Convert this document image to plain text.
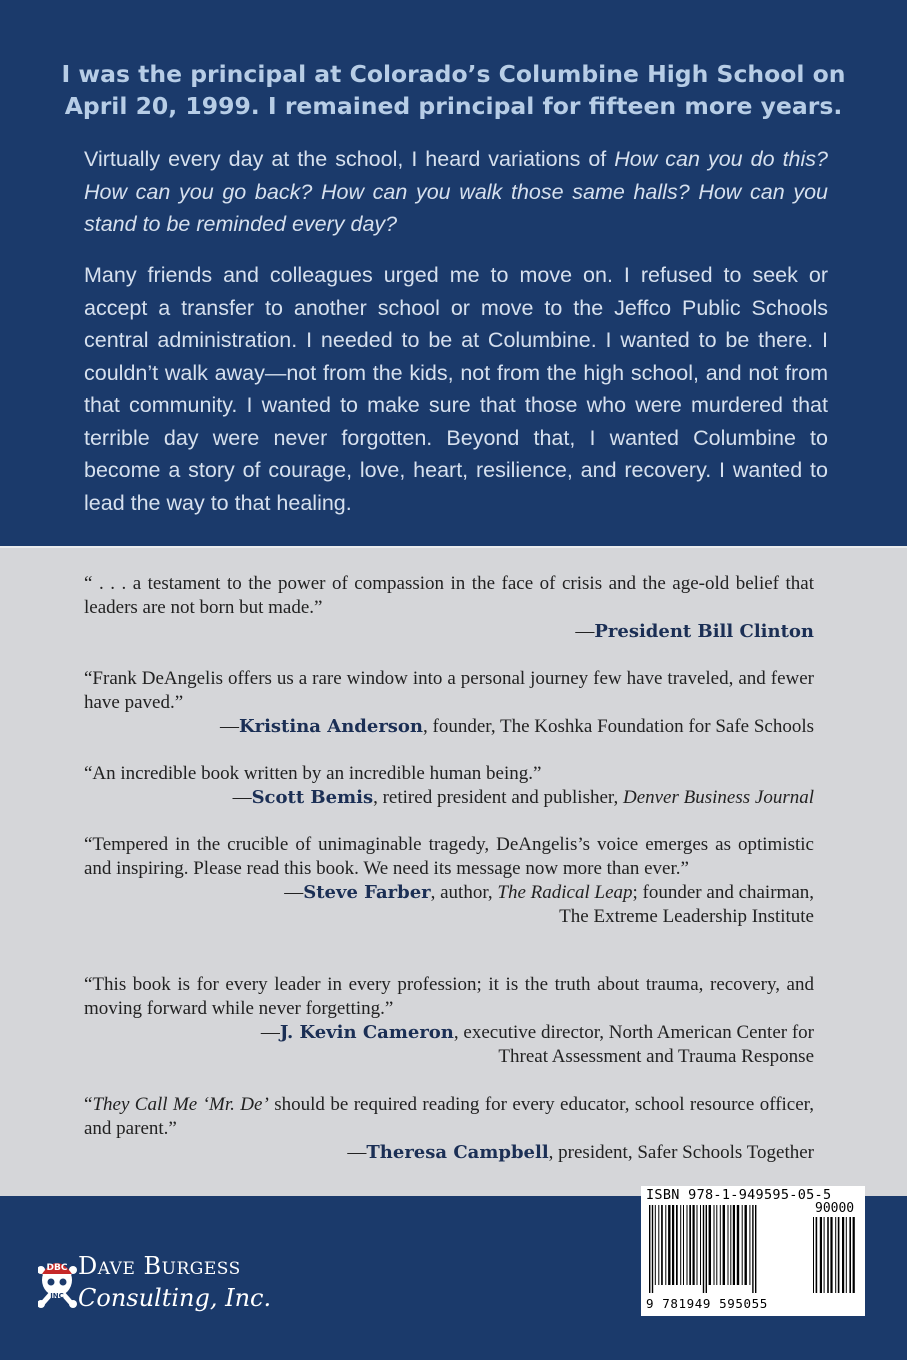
I was the principal at Colorado’s Columbine High School on April 20, 1999. I remained principal for fifteen more years.

Virtually every day at the school, I heard variations of How can you do this? How can you go back? How can you walk those same halls? How can you stand to be reminded every day?

Many friends and colleagues urged me to move on. I refused to seek or accept a transfer to another school or move to the Jeffco Public Schools central administration. I needed to be at Columbine. I wanted to be there. I couldn’t walk away—not from the kids, not from the high school, and not from that community. I wanted to make sure that those who were murdered that terrible day were never forgotten. Beyond that, I wanted Columbine to become a story of courage, love, heart, resilience, and recovery. I wanted to lead the way to that healing.

“ . . . a testament to the power of compassion in the face of crisis and the age-old belief that leaders are not born but made.”

—President Bill Clinton

“Frank DeAngelis offers us a rare window into a personal journey few have traveled, and fewer have paved.”

—Kristina Anderson, founder, The Koshka Foundation for Safe Schools

“An incredible book written by an incredible human being.”

—Scott Bemis, retired president and publisher, Denver Business Journal

“Tempered in the crucible of unimaginable tragedy, DeAngelis’s voice emerges as optimistic and inspiring. Please read this book. We need its message now more than ever.”

—Steve Farber, author, The Radical Leap; founder and chairman,
The Extreme Leadership Institute

“This book is for every leader in every profession; it is the truth about trauma, recovery, and moving forward while never forgetting.”

—J. Kevin Cameron, executive director, North American Center for
Threat Assessment and Trauma Response

“They Call Me ‘Mr. De’ should be required reading for every educator, school resource officer, and parent.”

—Theresa Campbell, president, Safer Schools Together

DBC
INC

Dave Burgess

Consulting, Inc.

ISBN 978-1-949595-05-5

90000

9 781949 595055
